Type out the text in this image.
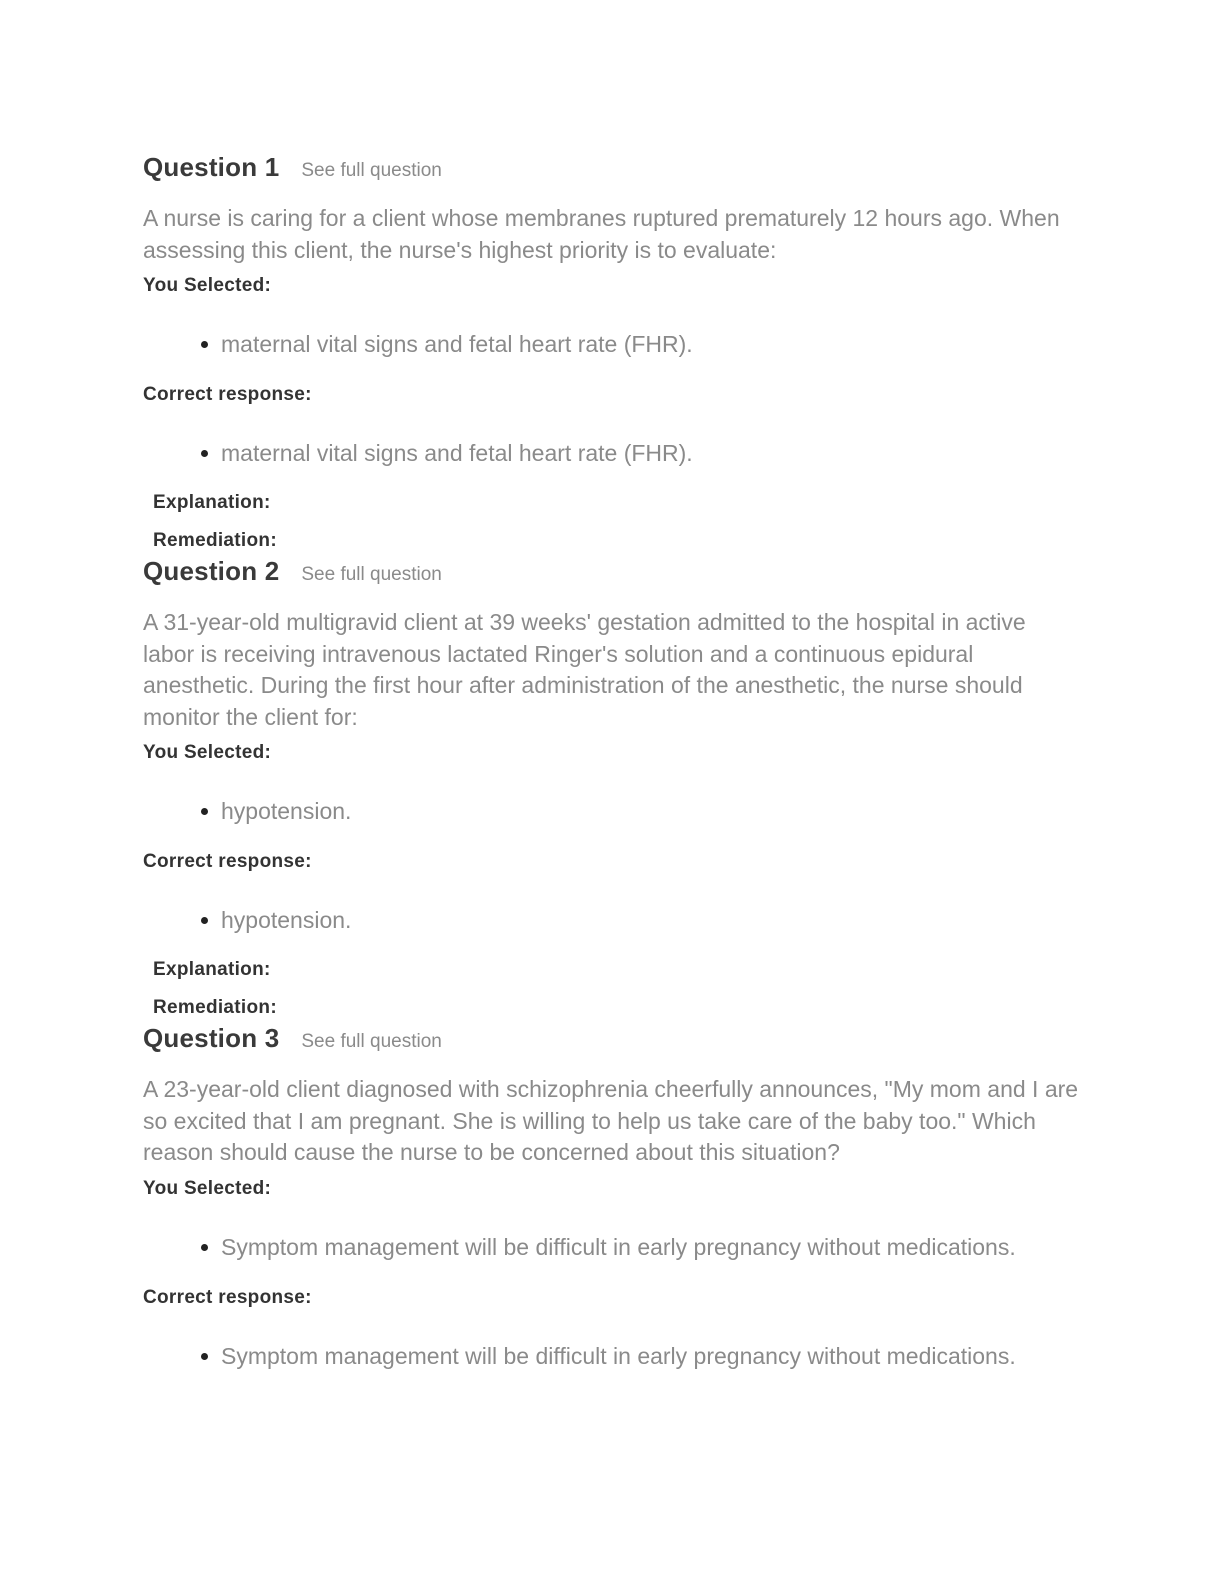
Question 1 See full question

A nurse is caring for a client whose membranes ruptured prematurely 12 hours ago. When assessing this client, the nurse's highest priority is to evaluate:

You Selected:
maternal vital signs and fetal heart rate (FHR).
Correct response:
maternal vital signs and fetal heart rate (FHR).
Explanation:
Remediation:
Question 2 See full question

A 31-year-old multigravid client at 39 weeks' gestation admitted to the hospital in active labor is receiving intravenous lactated Ringer's solution and a continuous epidural anesthetic. During the first hour after administration of the anesthetic, the nurse should monitor the client for:

You Selected:
hypotension.
Correct response:
hypotension.
Explanation:
Remediation:
Question 3 See full question

A 23-year-old client diagnosed with schizophrenia cheerfully announces, "My mom and I are so excited that I am pregnant. She is willing to help us take care of the baby too." Which reason should cause the nurse to be concerned about this situation?

You Selected:
Symptom management will be difficult in early pregnancy without medications.
Correct response:
Symptom management will be difficult in early pregnancy without medications.
